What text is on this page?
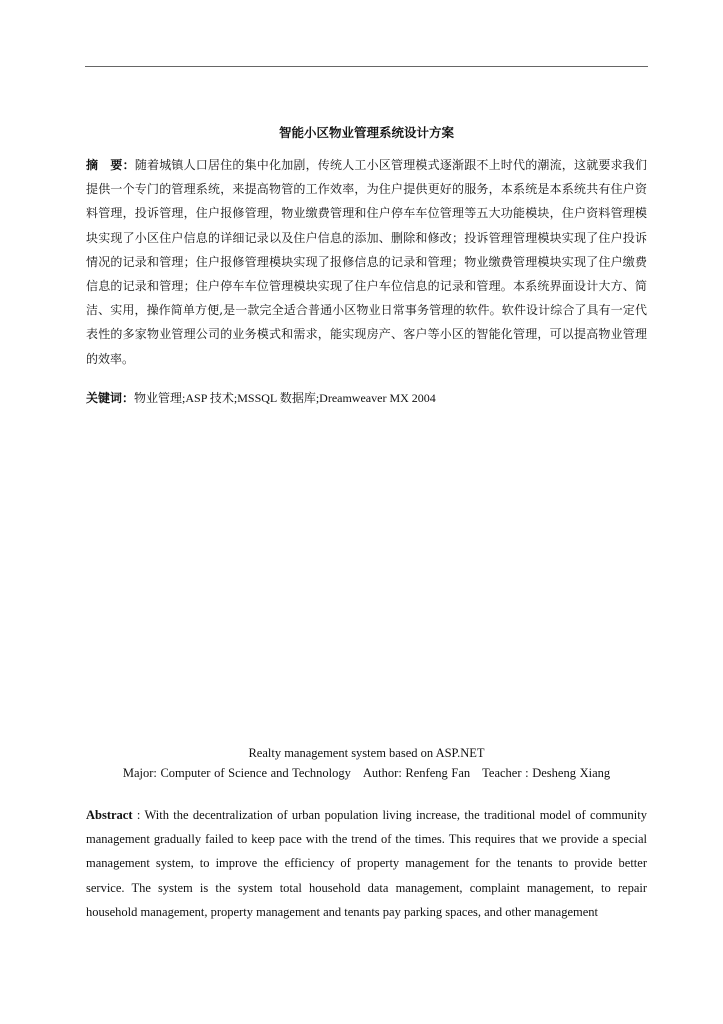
智能小区物业管理系统设计方案

摘　要：随着城镇人口居住的集中化加剧，传统人工小区管理模式逐渐跟不上时代的潮流，这就要求我们提供一个专门的管理系统，来提高物管的工作效率，为住户提供更好的服务，本系统是本系统共有住户资料管理，投诉管理，住户报修管理，物业缴费管理和住户停车车位管理等五大功能模块，住户资料管理模块实现了小区住户信息的详细记录以及住户信息的添加、删除和修改；投诉管理管理模块实现了住户投诉情况的记录和管理；住户报修管理模块实现了报修信息的记录和管理；物业缴费管理模块实现了住户缴费信息的记录和管理；住户停车车位管理模块实现了住户车位信息的记录和管理。本系统界面设计大方、简洁、实用，操作简单方便,是一款完全适合普通小区物业日常事务管理的软件。软件设计综合了具有一定代表性的多家物业管理公司的业务模式和需求，能实现房产、客户等小区的智能化管理，可以提高物业管理的效率。

关键词：物业管理;ASP 技术;MSSQL 数据库;Dreamweaver MX 2004

Realty management system based on ASP.NET
Major: Computer of Science and Technology Author: Renfeng Fan Teacher : Desheng Xiang

Abstract : With the decentralization of urban population living increase, the traditional model of community management gradually failed to keep pace with the trend of the times. This requires that we provide a special management system, to improve the efficiency of property management for the tenants to provide better service. The system is the system total household data management, complaint management, to repair household management, property management and tenants pay parking spaces, and other management
